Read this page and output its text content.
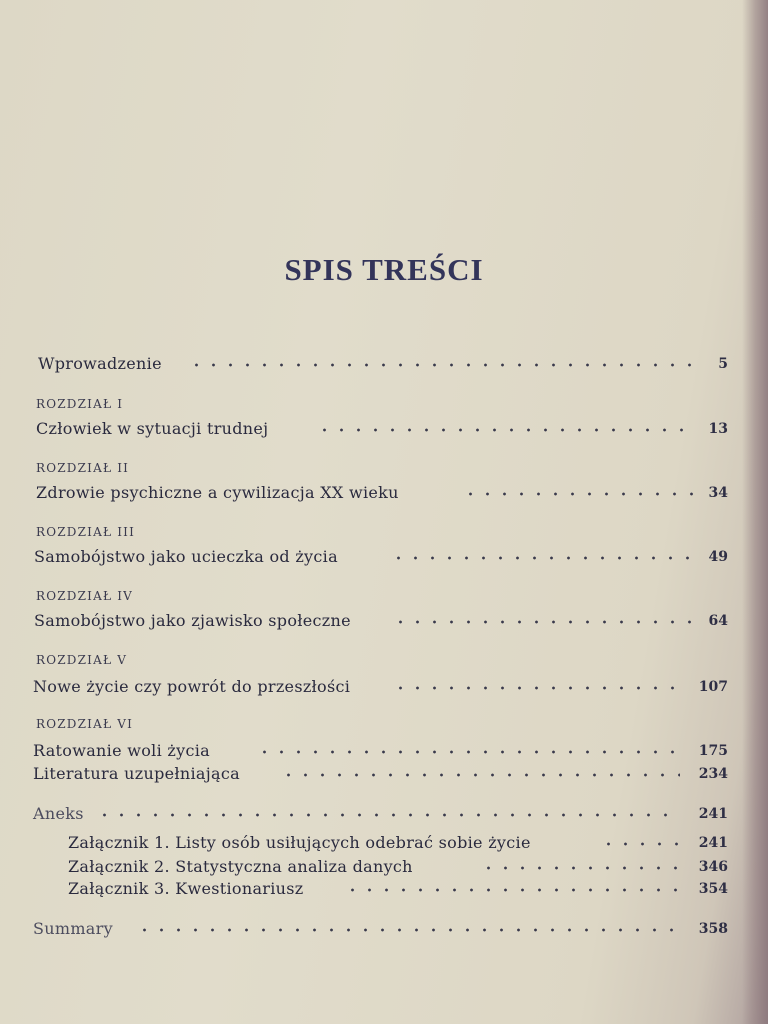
SPIS TREŚCI
Wprowadzenie	5
ROZDZIAŁ I
Człowiek w sytuacji trudnej	13
ROZDZIAŁ II
Zdrowie psychiczne a cywilizacja XX wieku	34
ROZDZIAŁ III
Samobójstwo jako ucieczka od życia	49
ROZDZIAŁ IV
Samobójstwo jako zjawisko społeczne	64
ROZDZIAŁ V
Nowe życie czy powrót do przeszłości	107
ROZDZIAŁ VI
Ratowanie woli życia	175
Literatura uzupełniająca	234
Aneks	241
Załącznik 1. Listy osób usiłujących odebrać sobie życie	241
Załącznik 2. Statystyczna analiza danych	346
Załącznik 3. Kwestionariusz	354
Summary	358
